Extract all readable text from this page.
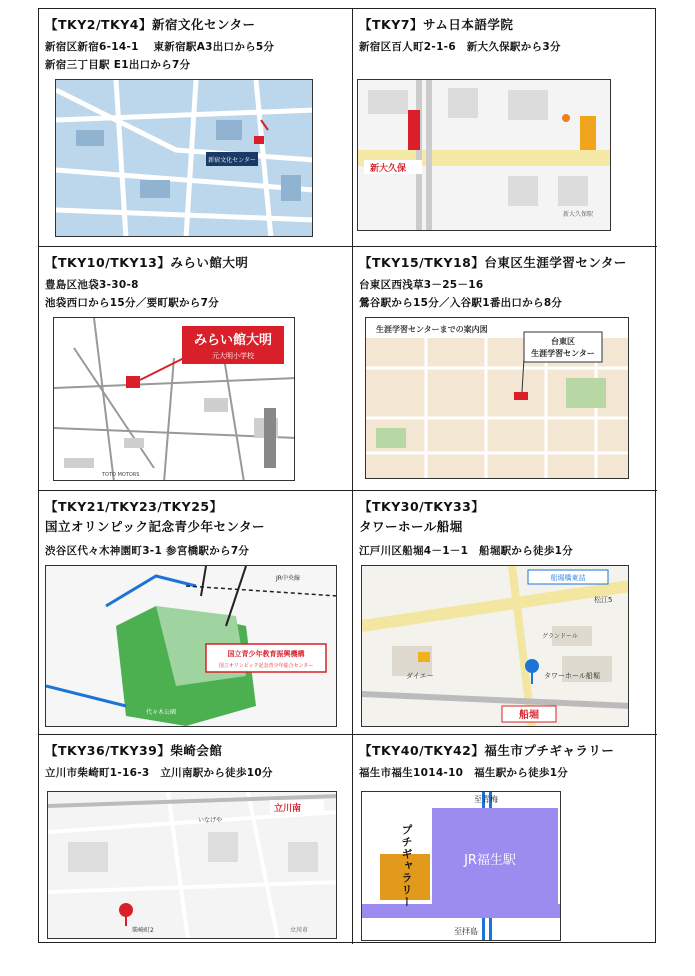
【TKY2/TKY4】新宿文化センター
新宿区新宿6-14-1　 東新宿駅A3出口から5分
新宿三丁目駅 E1出口から7分
新宿文化センター
【TKY7】サム日本語学院
新宿区百人町2-1-6　新大久保駅から3分
新大久保
新大久保駅
【TKY10/TKY13】みらい館大明
豊島区池袋3-30-8
池袋西口から15分／要町駅から7分
みらい館大明
元大明小学校
TOTO MOTORS
【TKY15/TKY18】台東区生涯学習センター
台東区西浅草3－25－16
鶯谷駅から15分／入谷駅1番出口から8分
生涯学習センターまでの案内図
台東区
生涯学習センター
【TKY21/TKY23/TKY25】
国立オリンピック記念青少年センター
渋谷区代々木神園町3-1 参宮橋駅から7分
国立青少年教育振興機構
国立オリンピック記念青少年総合センター
JR中央線
代々木公園
【TKY30/TKY33】
タワーホール船堀
江戸川区船堀4－1－1　船堀駅から徒歩1分
船堀橋東詰
松江5
グランドール
ダイエー	タワーホール船堀
船堀
【TKY36/TKY39】柴崎会館
立川市柴崎町1-16-3　立川南駅から徒歩10分
立川南
いなげや
柴崎町2	立川市
【TKY40/TKY42】福生市プチギャラリー
福生市福生1014-10　福生駅から徒歩1分
JR福生駅
至青梅
至拝島
プチギャラリー
